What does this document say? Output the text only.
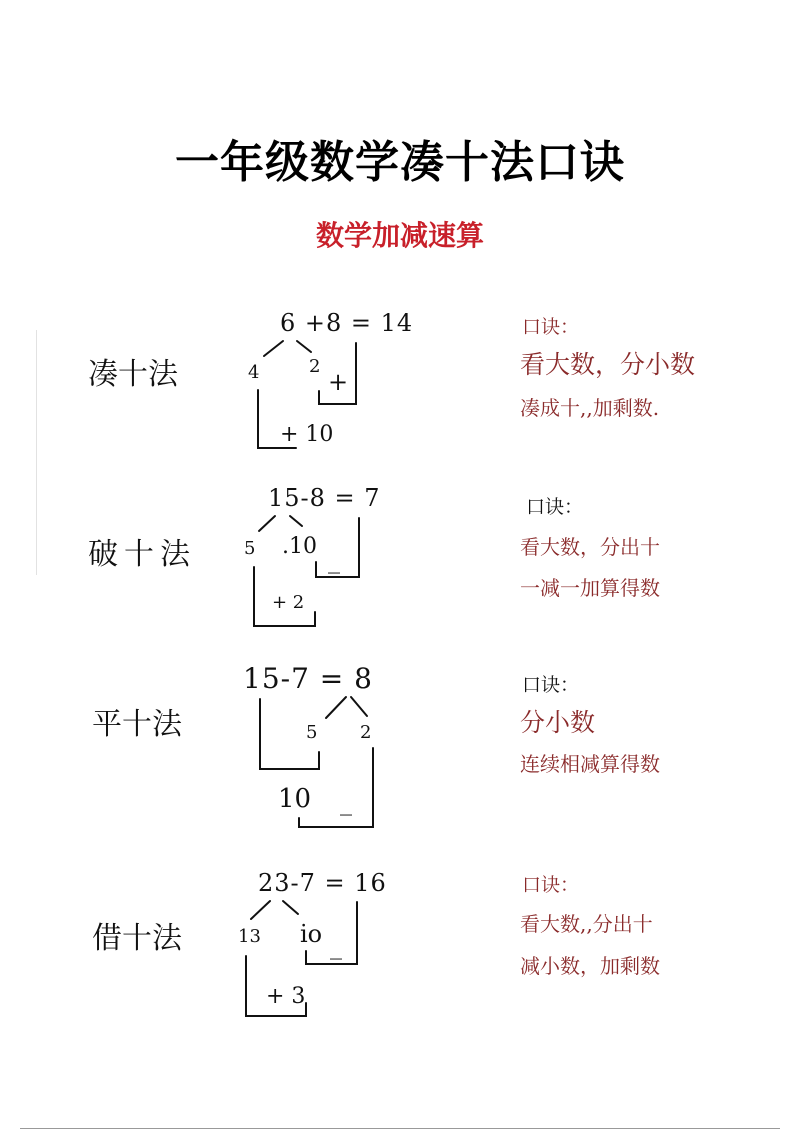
一年级数学凑十法口诀
数学加减速算
凑十法
6 +8 = 14
4	2
+
+ 10
口诀：
看大数，分小数
凑成十,,加剩数.
破十法
15-8 = 7
5 .10 _
+ 2
口诀：
看大数，分出十
一减一加算得数
平十法
15-7 = 8
5 2
10 _
口诀：
分小数
连续相减算得数
借十法
23-7 = 16
13 io _
+ 3
口诀：
看大数,,分出十
减小数，加剩数
